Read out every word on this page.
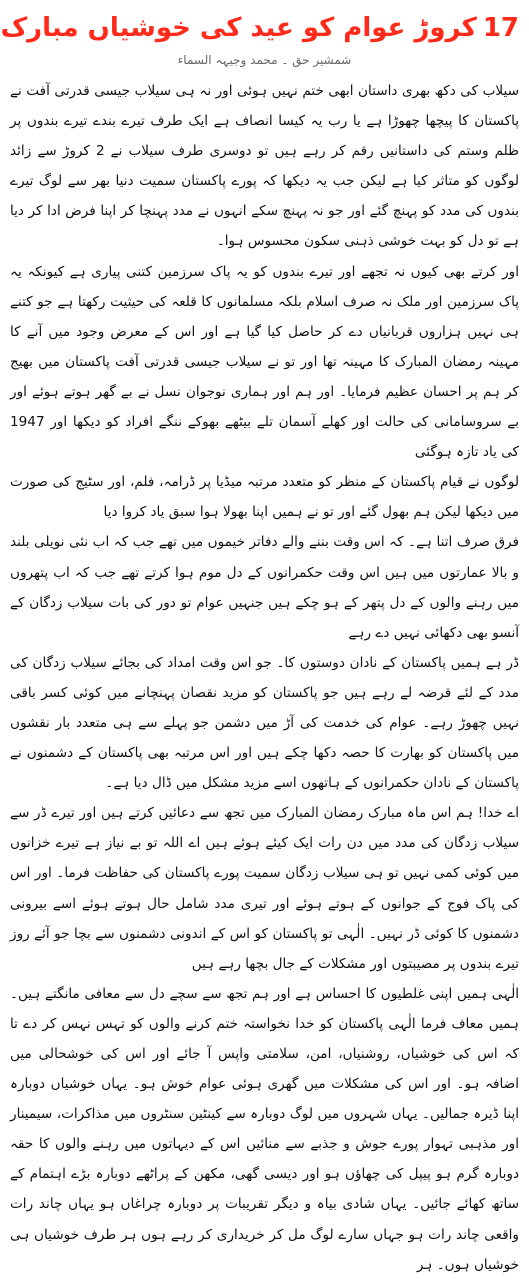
17کروڑ عوام کو عید کی خوشیاں مبارک
شمشیر حق ۔ محمد وجیہہ السماء

سیلاب کی دکھ بھری داستان ابھی ختم نہیں ہوئی اور نہ ہی سیلاب جیسی قدرتی آفت نے پاکستان کا پیچھا چھوڑا ہے یا رب یہ کیسا انصاف ہے ایک طرف تیرے بندے تیرے بندوں پر ظلم وستم کی داستانیں رقم کر رہے ہیں تو دوسری طرف سیلاب نے 2 کروڑ سے زائد لوگوں کو متاثر کیا ہے لیکن جب یہ دیکھا کہ پورے پاکستان سمیت دنیا بھر سے لوگ تیرے بندوں کی مدد کو پہنچ گئے اور جو نہ پہنچ سکے انہوں نے مدد پہنچا کر اپنا فرض ادا کر دیا ہے تو دل کو بہت خوشی ذہنی سکون محسوس ہوا۔

اور کرتے بھی کیوں نہ تجھے اور تیرے بندوں کو یہ پاک سرزمین کتنی پیاری ہے کیونکہ یہ پاک سرزمین اور ملک نہ صرف اسلام بلکہ مسلمانوں کا قلعہ کی حیثیت رکھتا ہے جو کتنے ہی نہیں ہزاروں قربانیاں دے کر حاصل کیا گیا ہے اور اس کے معرض وجود میں آنے کا مہینہ رمضان المبارک کا مہینہ تھا اور تو نے سیلاب جیسی قدرتی آفت پاکستان میں بھیج کر ہم پر احسان عظیم فرمایا۔ اور ہم اور ہماری نوجوان نسل نے بے گھر ہوتے ہوئے اور بے سروسامانی کی حالت اور کھلے آسمان تلے بیٹھے بھوکے ننگے افراد کو دیکھا اور 1947 کی یاد تازہ ہوگئی

لوگوں نے قیام پاکستان کے منظر کو متعدد مرتبہ میڈیا پر ڈرامہ، فلم، اور سٹیج کی صورت میں دیکھا لیکن ہم بھول گئے اور تو نے ہمیں اپنا بھولا ہوا سبق یاد کروا دیا

فرق صرف اتنا ہے۔ کہ اس وقت بننے والے دفاتر خیموں میں تھے جب کہ اب نئی نویلی بلند و بالا عمارتوں میں ہیں اس وقت حکمرانوں کے دل موم ہوا کرتے تھے جب کہ اب پتھروں میں رہنے والوں کے دل پتھر کے ہو چکے ہیں جنہیں عوام تو دور کی بات سیلاب زدگان کے آنسو بھی دکھائی نہیں دے رہے

ڈر ہے ہمیں پاکستان کے نادان دوستوں کا۔ جو اس وقت امداد کی بجائے سیلاب زدگان کی مدد کے لئے قرضہ لے رہے ہیں جو پاکستان کو مزید نقصان پہنچانے میں کوئی کسر باقی نہیں چھوڑ رہے۔ عوام کی خدمت کی آڑ میں دشمن جو پہلے سے ہی متعدد بار نقشوں میں پاکستان کو بھارت کا حصہ دکھا چکے ہیں اور اس مرتبہ بھی پاکستان کے دشمنوں نے پاکستان کے نادان حکمرانوں کے ہاتھوں اسے مزید مشکل میں ڈال دیا ہے۔

اے خدا! ہم اس ماہ مبارک رمضان المبارک میں تجھ سے دعائیں کرتے ہیں اور تیرے ڈر سے سیلاب زدگان کی مدد میں دن رات ایک کیئے ہوئے ہیں اے اللہ تو بے نیاز ہے تیرے خزانوں میں کوئی کمی نہیں تو ہی سیلاب زدگان سمیت پورے پاکستان کی حفاظت فرما۔ اور اس کی پاک فوج کے جوانوں کے ہوتے ہوئے اور تیری مدد شامل حال ہوتے ہوئے اسے بیرونی دشمنوں کا کوئی ڈر نہیں۔ الٰہی تو پاکستان کو اس کے اندونی دشمنوں سے بچا جو آئے روز تیرے بندوں پر مصیبتوں اور مشکلات کے جال بچھا رہے ہیں

الٰہی ہمیں اپنی غلطیوں کا احساس ہے اور ہم تجھ سے سچے دل سے معافی مانگتے ہیں۔ ہمیں معاف فرما الٰہی پاکستان کو خدا نخواستہ ختم کرنے والوں کو تہس نہس کر دے تا کہ اس کی خوشیاں، روشنیاں، امن، سلامتی واپس آ جائے اور اس کی خوشحالی میں اضافہ ہو۔ اور اس کی مشکلات میں گھری ہوئی عوام خوش ہو۔ یہاں خوشیاں دوبارہ اپنا ڈیرہ جمالیں۔ یہاں شہروں میں لوگ دوبارہ سے کینٹین سنٹروں میں مذاکرات، سیمینار اور مذہبی تہوار پورے جوش و جذبے سے منائیں اس کے دیہاتوں میں رہنے والوں کا حقہ دوبارہ گرم ہو پیپل کی چھاؤں ہو اور دیسی گھی، مکھن کے پراٹھے دوبارہ بڑے اہتمام کے ساتھ کھائے جائیں۔ یہاں شادی بیاہ و دیگر تقریبات پر دوبارہ چراغاں ہو یہاں چاند رات واقعی چاند رات ہو جہاں سارے لوگ مل کر خریداری کر رہے ہوں ہر طرف خوشیاں ہی خوشیاں ہوں۔ ہر
